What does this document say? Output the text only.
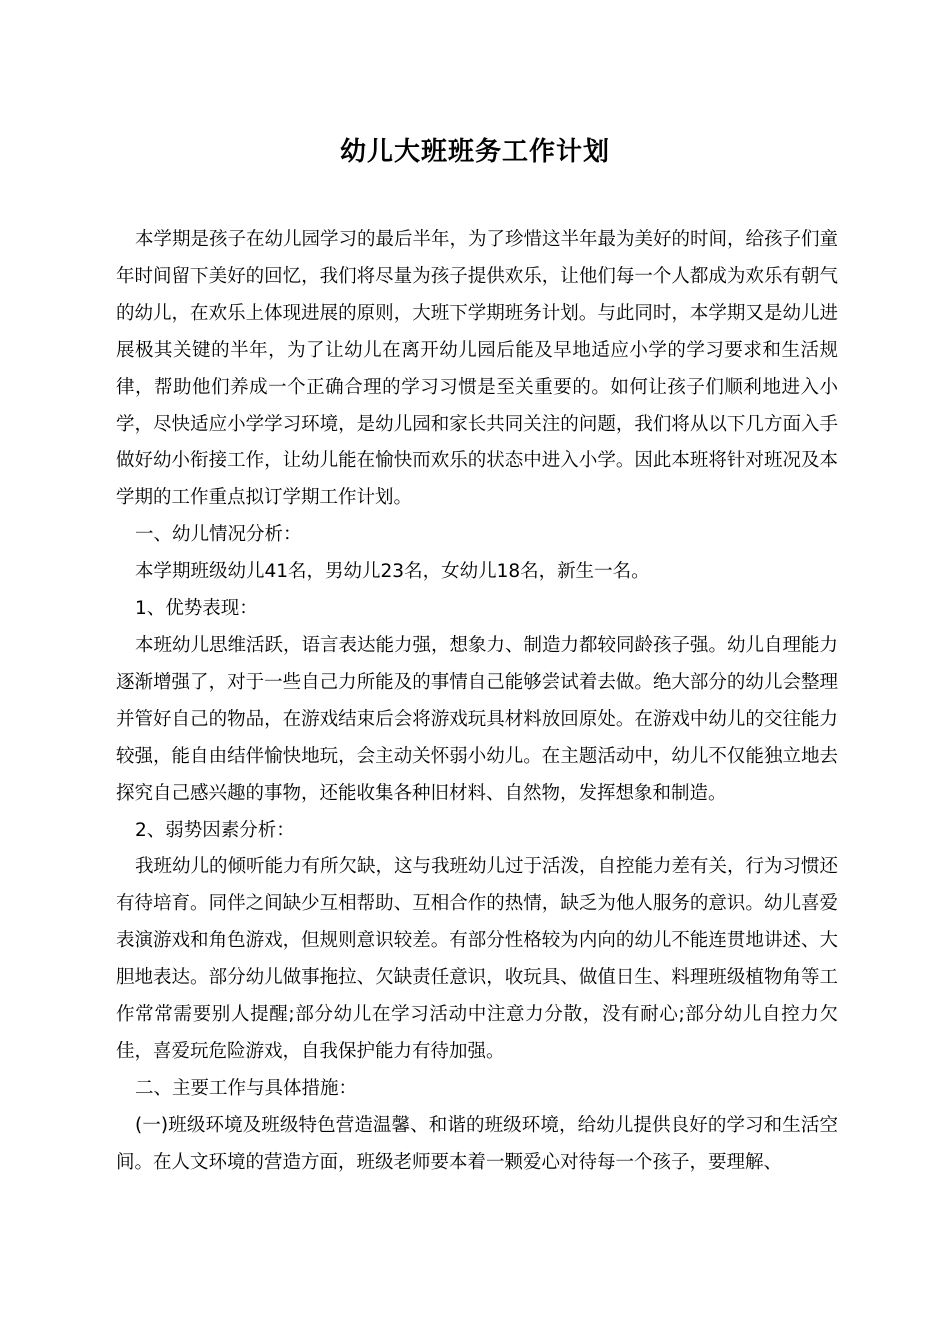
幼儿大班班务工作计划

本学期是孩子在幼儿园学习的最后半年，为了珍惜这半年最为美好的时间，给孩子们童年时间留下美好的回忆，我们将尽量为孩子提供欢乐，让他们每一个人都成为欢乐有朝气的幼儿，在欢乐上体现进展的原则，大班下学期班务计划。与此同时，本学期又是幼儿进展极其关键的半年，为了让幼儿在离开幼儿园后能及早地适应小学的学习要求和生活规律，帮助他们养成一个正确合理的学习习惯是至关重要的。如何让孩子们顺利地进入小学，尽快适应小学学习环境，是幼儿园和家长共同关注的问题，我们将从以下几方面入手做好幼小衔接工作，让幼儿能在愉快而欢乐的状态中进入小学。因此本班将针对班况及本学期的工作重点拟订学期工作计划。

一、幼儿情况分析：

本学期班级幼儿41名，男幼儿23名，女幼儿18名，新生一名。

1、优势表现：

本班幼儿思维活跃，语言表达能力强，想象力、制造力都较同龄孩子强。幼儿自理能力逐渐增强了，对于一些自己力所能及的事情自己能够尝试着去做。绝大部分的幼儿会整理并管好自己的物品，在游戏结束后会将游戏玩具材料放回原处。在游戏中幼儿的交往能力较强，能自由结伴愉快地玩，会主动关怀弱小幼儿。在主题活动中，幼儿不仅能独立地去探究自己感兴趣的事物，还能收集各种旧材料、自然物，发挥想象和制造。

2、弱势因素分析：

我班幼儿的倾听能力有所欠缺，这与我班幼儿过于活泼，自控能力差有关，行为习惯还有待培育。同伴之间缺少互相帮助、互相合作的热情，缺乏为他人服务的意识。幼儿喜爱表演游戏和角色游戏，但规则意识较差。有部分性格较为内向的幼儿不能连贯地讲述、大胆地表达。部分幼儿做事拖拉、欠缺责任意识，收玩具、做值日生、料理班级植物角等工作常常需要别人提醒;部分幼儿在学习活动中注意力分散，没有耐心;部分幼儿自控力欠佳，喜爱玩危险游戏，自我保护能力有待加强。

二、主要工作与具体措施：

(一)班级环境及班级特色营造温馨、和谐的班级环境，给幼儿提供良好的学习和生活空间。在人文环境的营造方面，班级老师要本着一颗爱心对待每一个孩子，要理解、
